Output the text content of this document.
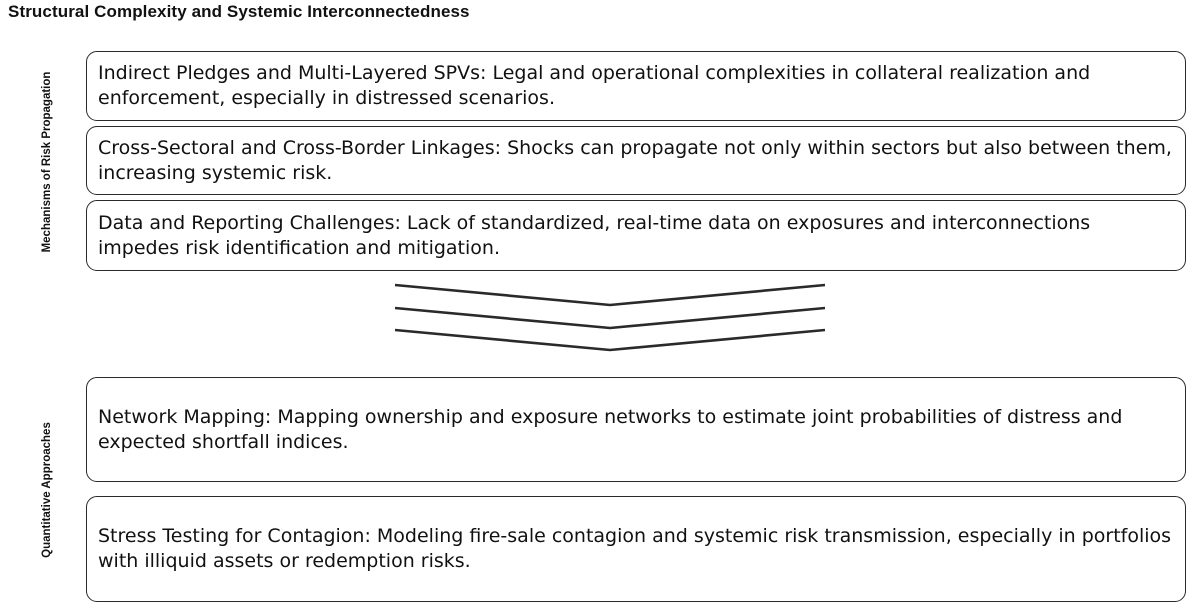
Structural Complexity and Systemic Interconnectedness
Mechanisms of Risk Propagation
Quantitative Approaches
Indirect Pledges and Multi-Layered SPVs: Legal and operational complexities in collateral realization and enforcement, especially in distressed scenarios.
Cross-Sectoral and Cross-Border Linkages: Shocks can propagate not only within sectors but also between them, increasing systemic risk.
Data and Reporting Challenges: Lack of standardized, real-time data on exposures and interconnections impedes risk identification and mitigation.
Network Mapping: Mapping ownership and exposure networks to estimate joint probabilities of distress and expected shortfall indices.
Stress Testing for Contagion: Modeling fire-sale contagion and systemic risk transmission, especially in portfolios with illiquid assets or redemption risks.
